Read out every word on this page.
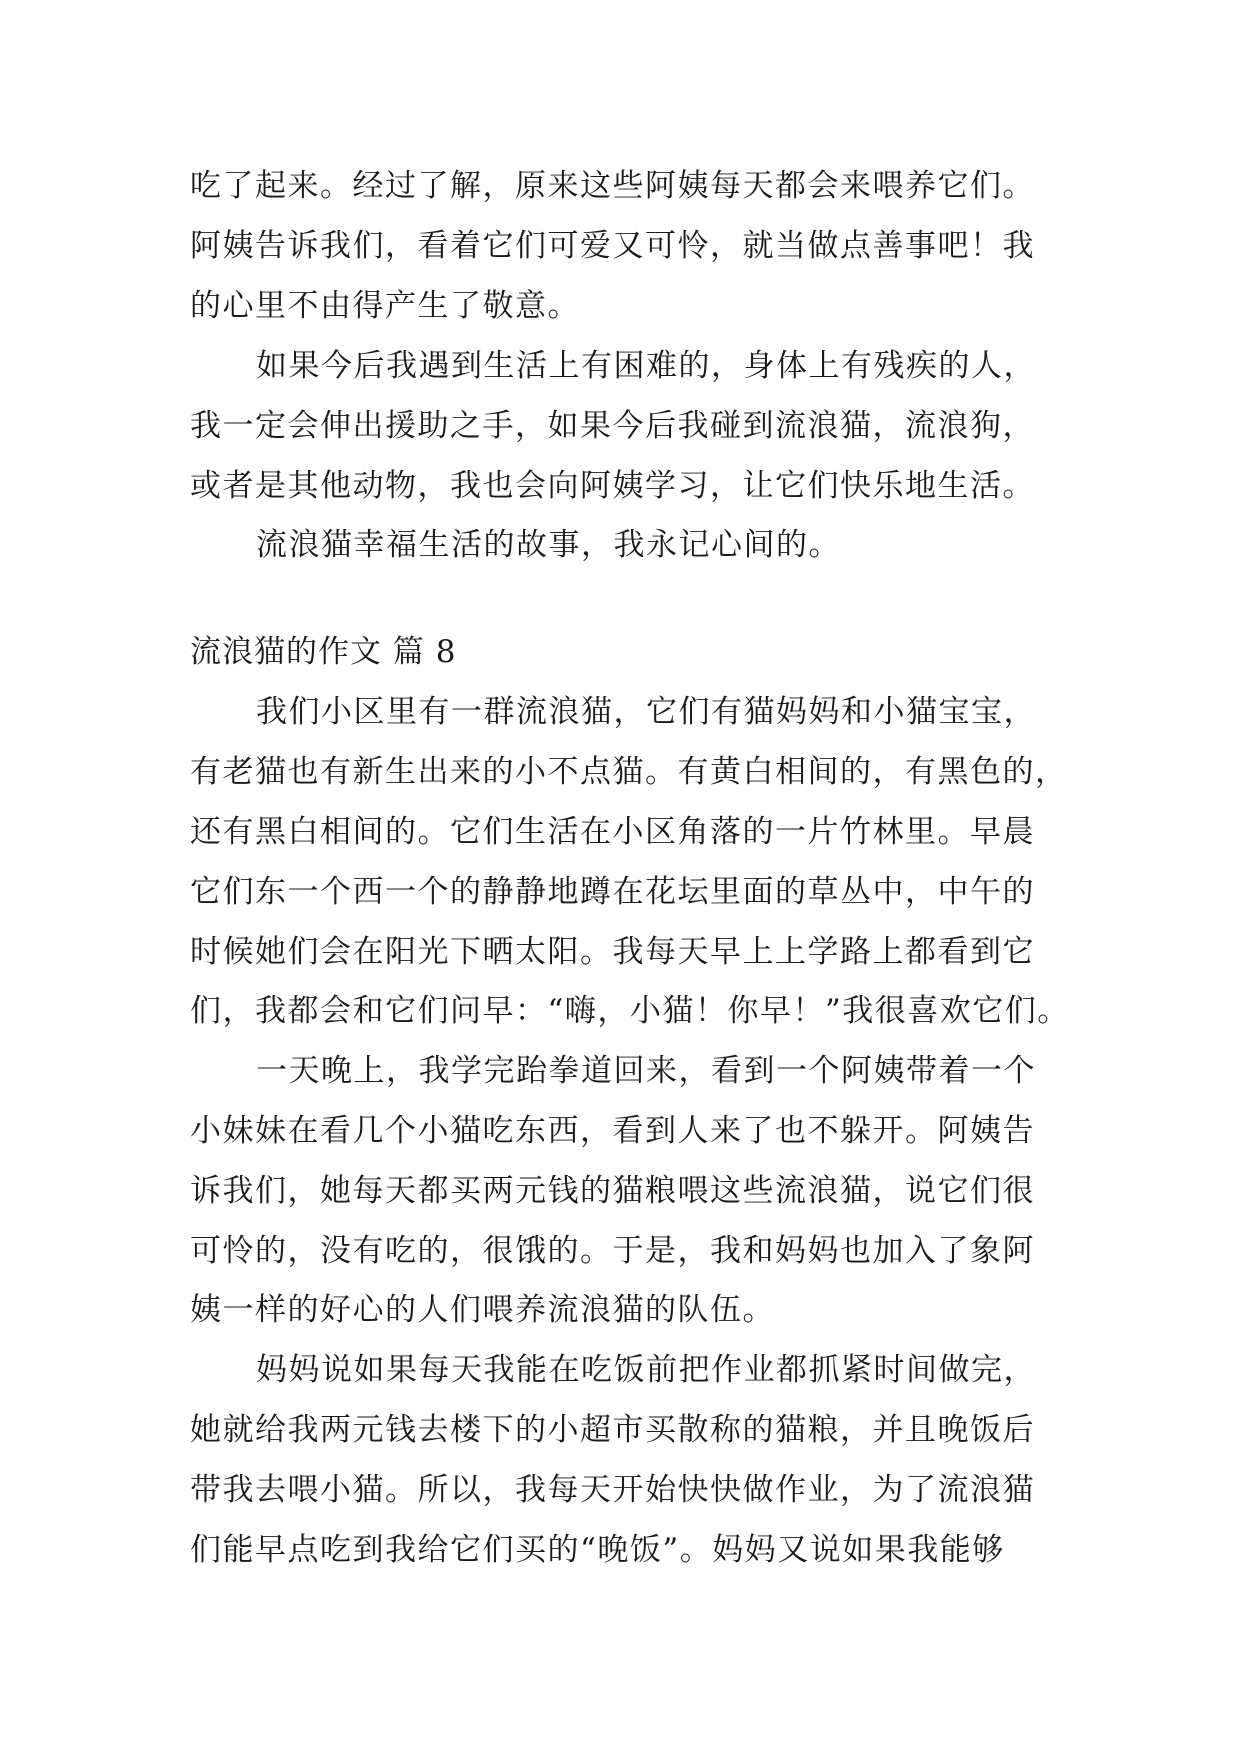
吃了起来。经过了解，原来这些阿姨每天都会来喂养它们。
阿姨告诉我们，看着它们可爱又可怜，就当做点善事吧！我
的心里不由得产生了敬意。
如果今后我遇到生活上有困难的，身体上有残疾的人，
我一定会伸出援助之手，如果今后我碰到流浪猫，流浪狗，
或者是其他动物，我也会向阿姨学习，让它们快乐地生活。
流浪猫幸福生活的故事，我永记心间的。
流浪猫的作文 篇 8
我们小区里有一群流浪猫，它们有猫妈妈和小猫宝宝，
有老猫也有新生出来的小不点猫。有黄白相间的，有黑色的，
还有黑白相间的。它们生活在小区角落的一片竹林里。早晨
它们东一个西一个的静静地蹲在花坛里面的草丛中，中午的
时候她们会在阳光下晒太阳。我每天早上上学路上都看到它
们，我都会和它们问早：“嗨，小猫！你早！”我很喜欢它们。
一天晚上，我学完跆拳道回来，看到一个阿姨带着一个
小妹妹在看几个小猫吃东西，看到人来了也不躲开。阿姨告
诉我们，她每天都买两元钱的猫粮喂这些流浪猫，说它们很
可怜的，没有吃的，很饿的。于是，我和妈妈也加入了象阿
姨一样的好心的人们喂养流浪猫的队伍。
妈妈说如果每天我能在吃饭前把作业都抓紧时间做完，
她就给我两元钱去楼下的小超市买散称的猫粮，并且晚饭后
带我去喂小猫。所以，我每天开始快快做作业，为了流浪猫
们能早点吃到我给它们买的“晚饭”。妈妈又说如果我能够
